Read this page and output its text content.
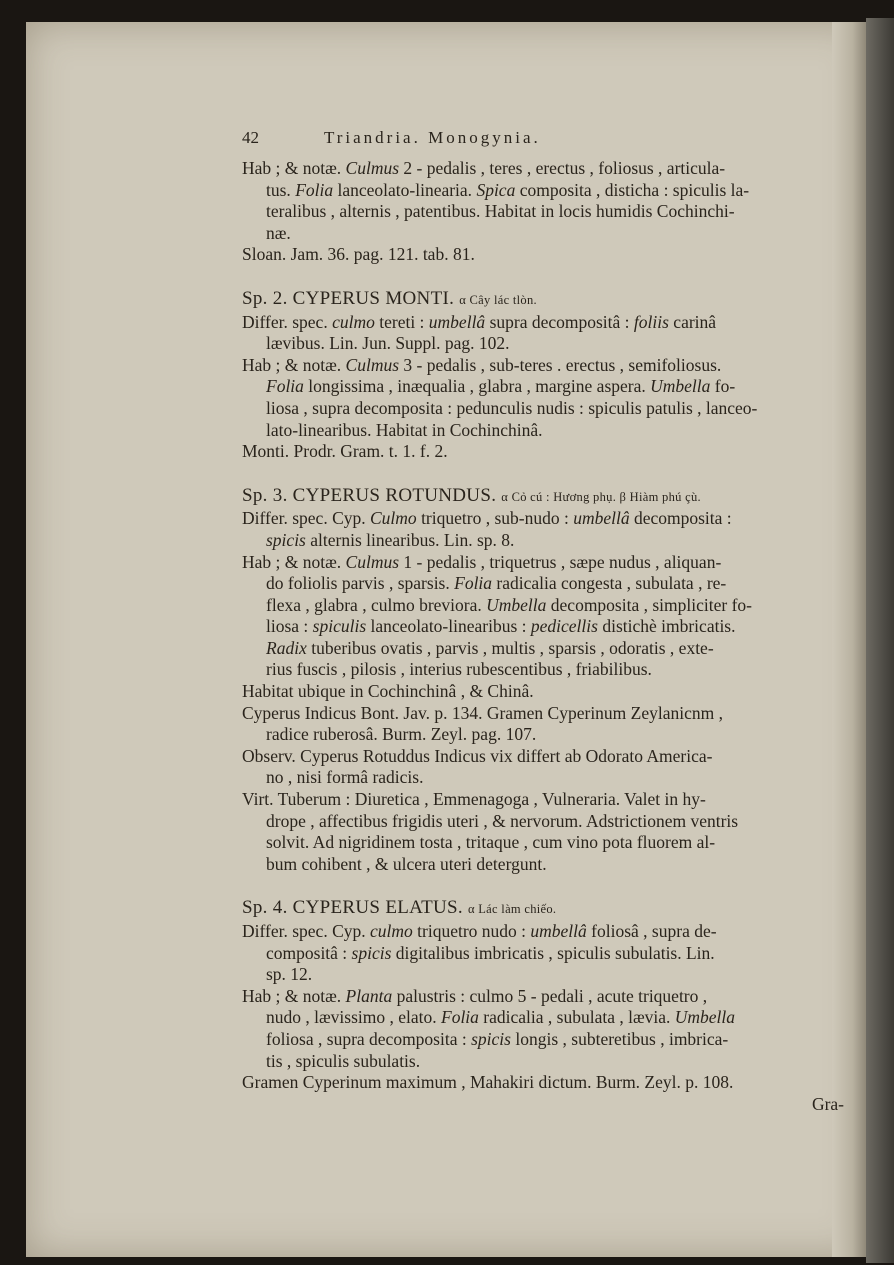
42	Triandria. Monogynia.
Hab ; & notæ. Culmus 2 - pedalis , teres , erectus , foliosus , articula-
tus. Folia lanceolato-linearia. Spica composita , disticha : spiculis la-
teralibus , alternis , patentibus. Habitat in locis humidis Cochinchi-
næ.
Sloan. Jam. 36. pag. 121. tab. 81.
Sp. 2. CYPERUS MONTI. α Cây lác tlòn.
Differ. spec. culmo tereti : umbellâ supra decompositâ : foliis carinâ
lævibus. Lin. Jun. Suppl. pag. 102.
Hab ; & notæ. Culmus 3 - pedalis , sub-teres . erectus , semifoliosus.
Folia longissima , inæqualia , glabra , margine aspera. Umbella fo-
liosa , supra decomposita : pedunculis nudis : spiculis patulis , lanceo-
lato-linearibus. Habitat in Cochinchinâ.
Monti. Prodr. Gram. t. 1. f. 2.
Sp. 3. CYPERUS ROTUNDUS. α Cỏ cú : Hương phụ. β Hiàm phú çù.
Differ. spec. Cyp. Culmo triquetro , sub-nudo : umbellâ decomposita :
spicis alternis linearibus. Lin. sp. 8.
Hab ; & notæ. Culmus 1 - pedalis , triquetrus , sæpe nudus , aliquan-
do foliolis parvis , sparsis. Folia radicalia congesta , subulata , re-
flexa , glabra , culmo breviora. Umbella decomposita , simpliciter fo-
liosa : spiculis lanceolato-linearibus : pedicellis distichè imbricatis.
Radix tuberibus ovatis , parvis , multis , sparsis , odoratis , exte-
rius fuscis , pilosis , interius rubescentibus , friabilibus.
Habitat ubique in Cochinchinâ , & Chinâ.
Cyperus Indicus Bont. Jav. p. 134. Gramen Cyperinum Zeylanicnm ,
radice ruberosâ. Burm. Zeyl. pag. 107.
Observ. Cyperus Rotuddus Indicus vix differt ab Odorato America-
no , nisi formâ radicis.
Virt. Tuberum : Diuretica , Emmenagoga , Vulneraria. Valet in hy-
drope , affectibus frigidis uteri , & nervorum. Adstrictionem ventris
solvit. Ad nigridinem tosta , tritaque , cum vino pota fluorem al-
bum cohibent , & ulcera uteri detergunt.
Sp. 4. CYPERUS ELATUS. α Lác làm chiếo.
Differ. spec. Cyp. culmo triquetro nudo : umbellâ foliosâ , supra de-
compositâ : spicis digitalibus imbricatis , spiculis subulatis. Lin.
sp. 12.
Hab ; & notæ. Planta palustris : culmo 5 - pedali , acute triquetro ,
nudo , lævissimo , elato. Folia radicalia , subulata , lævia. Umbella
foliosa , supra decomposita : spicis longis , subteretibus , imbrica-
tis , spiculis subulatis.
Gramen Cyperinum maximum , Mahakiri dictum. Burm. Zeyl. p. 108.
Gra-
